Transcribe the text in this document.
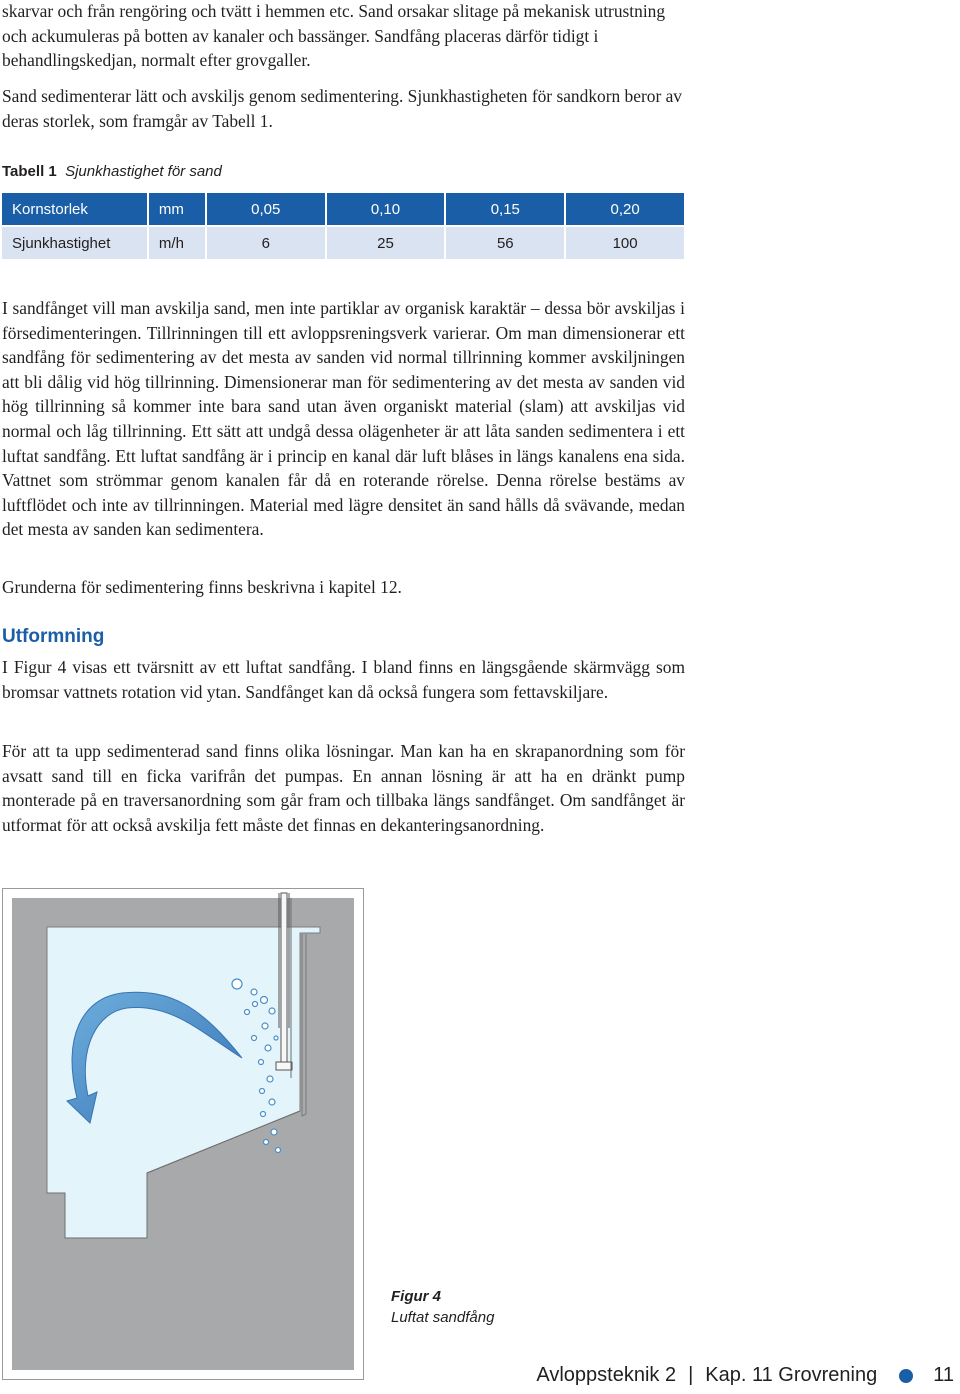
skarvar och från rengöring och tvätt i hemmen etc. Sand orsakar slitage på mekanisk utrustning och ackumuleras på botten av kanaler och bassänger. Sandfång placeras därför tidigt i behandlingskedjan, normalt efter grovgaller.

Sand sedimenterar lätt och avskiljs genom sedimentering. Sjunkhastigheten för sandkorn beror av deras storlek, som framgår av Tabell 1.

Tabell 1 Sjunkhastighet för sand
Kornstorlek	mm	0,05	0,10	0,15	0,20
Sjunkhastighet	m/h	6	25	56	100

I sandfånget vill man avskilja sand, men inte partiklar av organisk karaktär – dessa bör avskiljas i försedimenteringen. Tillrinningen till ett avloppsreningsverk varierar. Om man dimensionerar ett sandfång för sedimentering av det mesta av sanden vid normal tillrinning kommer avskiljningen att bli dålig vid hög tillrinning. Dimensionerar man för sedimentering av det mesta av sanden vid hög tillrinning så kommer inte bara sand utan även organiskt material (slam) att avskiljas vid normal och låg tillrinning. Ett sätt att undgå dessa olägenheter är att låta sanden sedimentera i ett luftat sandfång. Ett luftat sandfång är i princip en kanal där luft blåses in längs kanalens ena sida. Vattnet som strömmar genom kanalen får då en roterande rörelse. Denna rörelse bestäms av luftflödet och inte av tillrinningen. Material med lägre densitet än sand hålls då svävande, medan det mesta av sanden kan sedimentera.

Grunderna för sedimentering finns beskrivna i kapitel 12.

Utformning

I Figur 4 visas ett tvärsnitt av ett luftat sandfång. I bland finns en längsgående skärmvägg som bromsar vattnets rotation vid ytan. Sandfånget kan då också fungera som fettavskiljare.

För att ta upp sedimenterad sand finns olika lösningar. Man kan ha en skrapanordning som för avsatt sand till en ficka varifrån det pumpas. En annan lösning är att ha en dränkt pump monterade på en traversanordning som går fram och tillbaka längs sandfånget. Om sandfånget är utformat för att också avskilja fett måste det finnas en dekanteringsanordning.

Figur 4
Luftat sandfång
Avloppsteknik 2 | Kap. 11 Grovrening	11
